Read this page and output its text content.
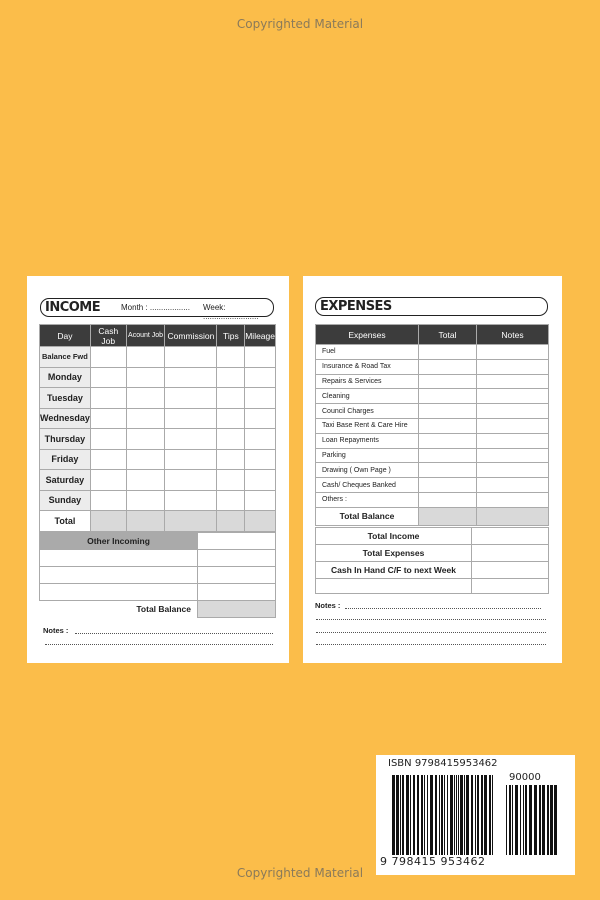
Copyrighted Material
INCOME	Month : .................. Week: .........................
Day	Cash Job	Acount Job	Commission	Tips	Mileage
Balance Fwd					
Monday					
Tuesday					
Wednesday					
Thursday					
Friday					
Saturday					
Sunday					
Total					
Other Incoming	

Total Balance	
Notes :
EXPENSES
Expenses	Total	Notes
Fuel		
Insurance & Road Tax		
Repairs & Services		
Cleaning		
Council Charges		
Taxi Base Rent & Care Hire		
Loan Repayments		
Parking		
Drawing ( Own Page )		
Cash/ Cheques Banked		
Others :		
Total Balance		
Total Income	
Total Expenses	
Cash In Hand C/F to next Week	

Notes :
ISBN 9798415953462
90000
9 798415 953462
Copyrighted Material
